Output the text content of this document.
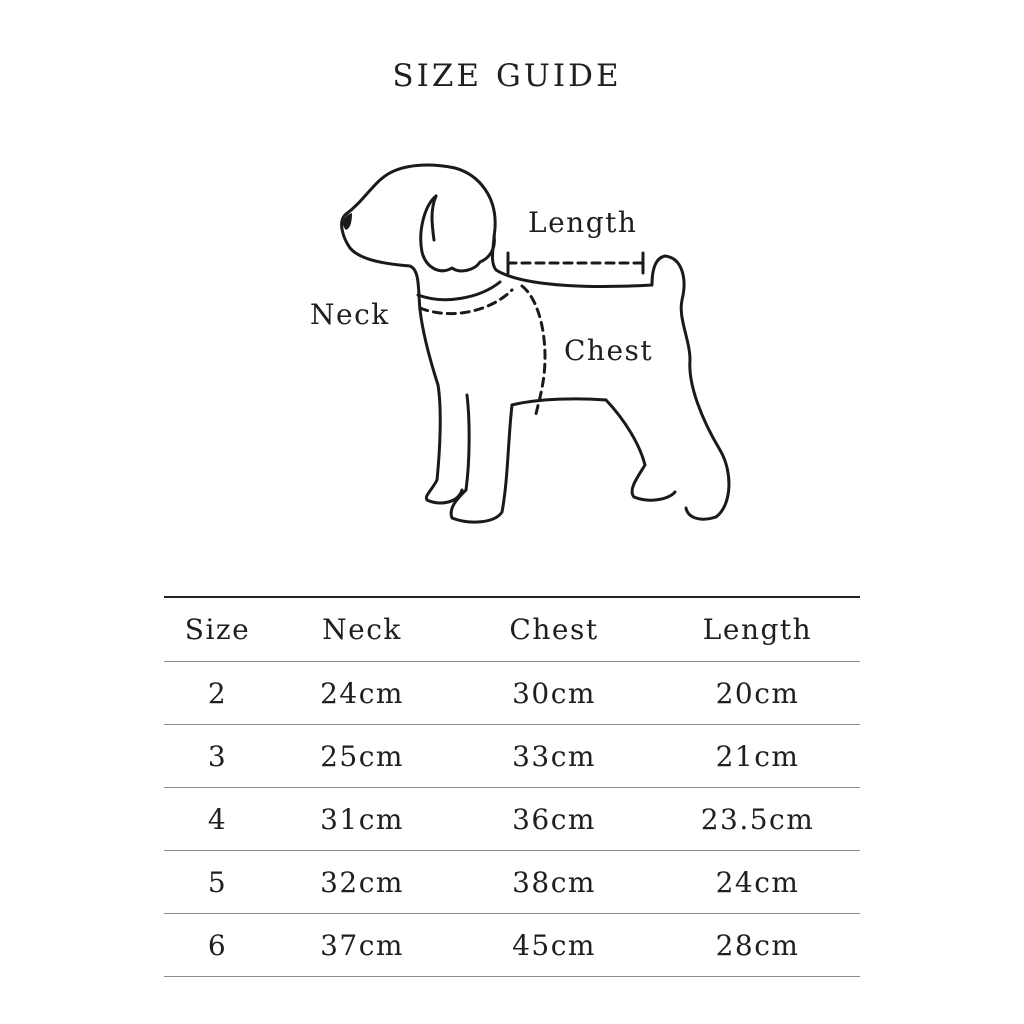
SIZE GUIDE
Length
Neck
Chest
Size	Neck	Chest	Length
2	24cm	30cm	20cm
3	25cm	33cm	21cm
4	31cm	36cm	23.5cm
5	32cm	38cm	24cm
6	37cm	45cm	28cm
